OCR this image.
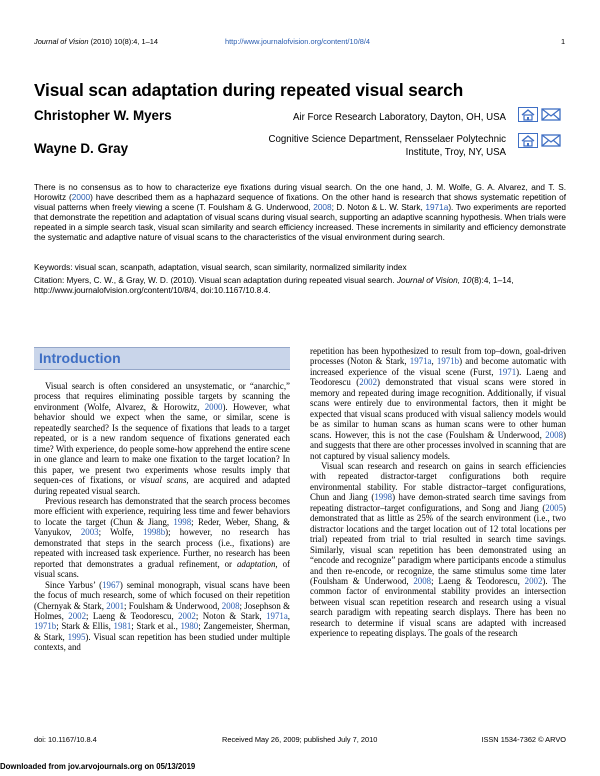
Journal of Vision (2010) 10(8):4, 1–14	http://www.journalofvision.org/content/10/8/4	1
Visual scan adaptation during repeated visual search
Christopher W. Myers	Air Force Research Laboratory, Dayton, OH, USA
Wayne D. Gray
Cognitive Science Department, Rensselaer Polytechnic
Institute, Troy, NY, USA

There is no consensus as to how to characterize eye fixations during visual search. On the one hand, J. M. Wolfe, G. A. Alvarez, and T. S. Horowitz (2000) have described them as a haphazard sequence of fixations. On the other hand is research that shows systematic repetition of visual patterns when freely viewing a scene (T. Foulsham & G. Underwood, 2008; D. Noton & L. W. Stark, 1971a). Two experiments are reported that demonstrate the repetition and adaptation of visual scans during visual search, supporting an adaptive scanning hypothesis. When trials were repeated in a simple search task, visual scan similarity and search efficiency increased. These increments in similarity and efficiency demonstrate the systematic and adaptive nature of visual scans to the characteristics of the visual environment during search.

Keywords: visual scan, scanpath, adaptation, visual search, scan similarity, normalized similarity index

Citation: Myers, C. W., & Gray, W. D. (2010). Visual scan adaptation during repeated visual search. Journal of Vision, 10(8):4, 1–14, http://www.journalofvision.org/content/10/8/4, doi:10.1167/10.8.4.

Introduction

Visual search is often considered an unsystematic, or “anarchic,” process that requires eliminating possible targets by scanning the environment (Wolfe, Alvarez, & Horowitz, 2000). However, what behavior should we expect when the same, or similar, scene is repeatedly searched? Is the sequence of fixations that leads to a target repeated, or is a new random sequence of fixations generated each time? With experience, do people some-how apprehend the entire scene in one glance and learn to make one fixation to the target location? In this paper, we present two experiments whose results imply that sequen-ces of fixations, or visual scans, are acquired and adapted during repeated visual search.

Previous research has demonstrated that the search process becomes more efficient with experience, requiring less time and fewer behaviors to locate the target (Chun & Jiang, 1998; Reder, Weber, Shang, & Vanyukov, 2003; Wolfe, 1998b); however, no research has demonstrated that steps in the search process (i.e., fixations) are repeated with increased task experience. Further, no research has been reported that demonstrates a gradual refinement, or adaptation, of visual scans.

Since Yarbus’ (1967) seminal monograph, visual scans have been the focus of much research, some of which focused on their repetition (Chernyak & Stark, 2001; Foulsham & Underwood, 2008; Josephson & Holmes, 2002; Laeng & Teodorescu, 2002; Noton & Stark, 1971a, 1971b; Stark & Ellis, 1981; Stark et al., 1980; Zangemeister, Sherman, & Stark, 1995). Visual scan repetition has been studied under multiple contexts, and

repetition has been hypothesized to result from top–down, goal-driven processes (Noton & Stark, 1971a, 1971b) and become automatic with increased experience of the visual scene (Furst, 1971). Laeng and Teodorescu (2002) demonstrated that visual scans were stored in memory and repeated during image recognition. Additionally, if visual scans were entirely due to environmental factors, then it might be expected that visual scans produced with visual saliency models would be as similar to human scans as human scans were to other human scans. However, this is not the case (Foulsham & Underwood, 2008) and suggests that there are other processes involved in scanning that are not captured by visual saliency models.

Visual scan research and research on gains in search efficiencies with repeated distractor-target configurations both require environmental stability. For stable distractor–target configurations, Chun and Jiang (1998) have demon-strated search time savings from repeating distractor–target configurations, and Song and Jiang (2005) demonstrated that as little as 25% of the search environment (i.e., two distractor locations and the target location out of 12 total locations per trial) repeated from trial to trial resulted in search time savings. Similarly, visual scan repetition has been demonstrated using an “encode and recognize” paradigm where participants encode a stimulus and then re-encode, or recognize, the same stimulus some time later (Foulsham & Underwood, 2008; Laeng & Teodorescu, 2002). The common factor of environmental stability provides an intersection between visual scan repetition research and research using a visual search paradigm with repeating search displays. There has been no research to determine if visual scans are adapted with increased experience to repeating displays. The goals of the research

doi: 10.1167/10.8.4	Received May 26, 2009; published July 7, 2010	ISSN 1534-7362 © ARVO
Downloaded from jov.arvojournals.org on 05/13/2019
